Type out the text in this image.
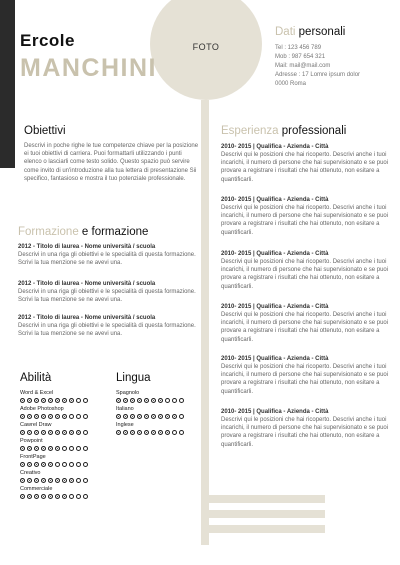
FOTO
Ercole
MANCHINI
Dati personali
Tel : 123 456 789
Mob : 987 654 321
Mail: mail@mail.com
Adresse : 17 Lomre ipsum dolor
0000 Roma
Obiettivi
Descrivi in poche righe le tue competenze chiave per la posizione ei tuoi obiettivi di carriera. Puoi formattarli utilizzando i punti elenco o lasciarli come testo solido. Questo spazio può servire come invito di un'introduzione alla tua lettera di presentazione Sii specifico, fantasioso e mostra il tuo potenziale professionale.
Formazione e formazione
2012 - Titolo di laurea - Nome università / scuola
Descrivi in una riga gli obiettivi e le specialità di questa formazione. Scrivi la tua menzione se ne avevi una.
2012 - Titolo di laurea - Nome università / scuola
Descrivi in una riga gli obiettivi e le specialità di questa formazione. Scrivi la tua menzione se ne avevi una.
2012 - Titolo di laurea - Nome università / scuola
Descrivi in una riga gli obiettivi e le specialità di questa formazione. Scrivi la tua menzione se ne avevi una.
Esperienza professionali
2010- 2015 | Qualifica - Azienda - Città
Descrivi qui le posizioni che hai ricoperto. Descrivi anche i tuoi incarichi, il numero di persone che hai supervisionato e se puoi provare a registrare i risultati che hai ottenuto, non esitare a quantificarli.
2010- 2015 | Qualifica - Azienda - Città
Descrivi qui le posizioni che hai ricoperto. Descrivi anche i tuoi incarichi, il numero di persone che hai supervisionato e se puoi provare a registrare i risultati che hai ottenuto, non esitare a quantificarli.
2010- 2015 | Qualifica - Azienda - Città
Descrivi qui le posizioni che hai ricoperto. Descrivi anche i tuoi incarichi, il numero di persone che hai supervisionato e se puoi provare a registrare i risultati che hai ottenuto, non esitare a quantificarli.
2010- 2015 | Qualifica - Azienda - Città
Descrivi qui le posizioni che hai ricoperto. Descrivi anche i tuoi incarichi, il numero di persone che hai supervisionato e se puoi provare a registrare i risultati che hai ottenuto, non esitare a quantificarli.
2010- 2015 | Qualifica - Azienda - Città
Descrivi qui le posizioni che hai ricoperto. Descrivi anche i tuoi incarichi, il numero di persone che hai supervisionato e se puoi provare a registrare i risultati che hai ottenuto, non esitare a quantificarli.
2010- 2015 | Qualifica - Azienda - Città
Descrivi qui le posizioni che hai ricoperto. Descrivi anche i tuoi incarichi, il numero di persone che hai supervisionato e se puoi provare a registrare i risultati che hai ottenuto, non esitare a quantificarli.
Abilità
Word & Excel
Adobe Photoshop
Cawrel Draw
Powpoint
FrontPage
Creativo
Commerciale
Lingua
Spagnolo
Italiano
Inglese
